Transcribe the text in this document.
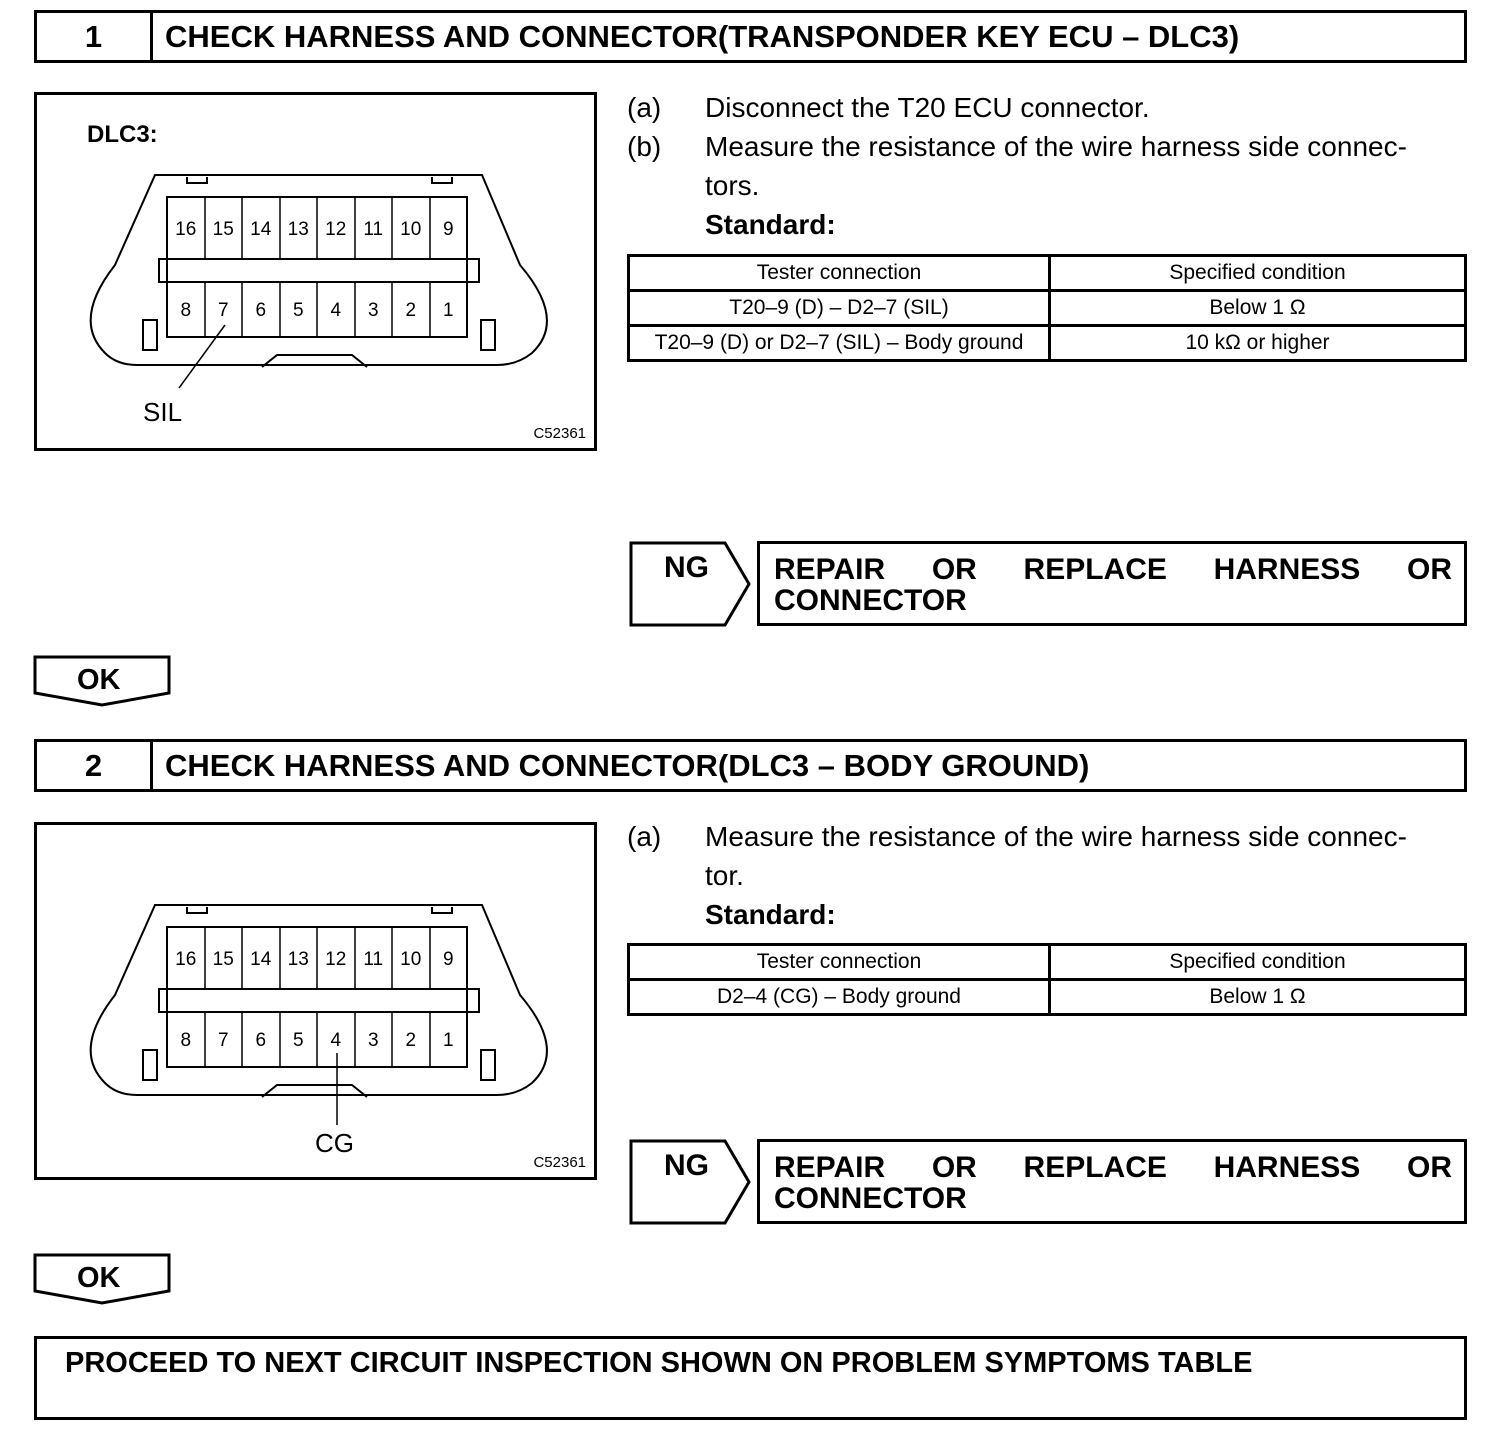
1	CHECK HARNESS AND CONNECTOR(TRANSPONDER KEY ECU – DLC3)
DLC3:
16 15 14 13 12 11 10	9
8	7	6	5	4	3	2	1
SIL
C52361
(a)	Disconnect the T20 ECU connector.
(b)	Measure the resistance of the wire harness side connec-
tors.
Standard:
Tester connection	Specified condition
T20–9 (D) – D2–7 (SIL)	Below 1 Ω
T20–9 (D) or D2–7 (SIL) – Body ground	10 kΩ or higher
NG REPAIR OR REPLACE HARNESS OR
CONNECTOR
OK
2	CHECK HARNESS AND CONNECTOR(DLC3 – BODY GROUND)
16 15 14 13 12 11 10	9
8	7	6	5	4	3	2	1
CG
C52361
(a)	Measure the resistance of the wire harness side connec-
tor.
Standard:
Tester connection	Specified condition
D2–4 (CG) – Body ground	Below 1 Ω
NG REPAIR OR REPLACE HARNESS OR
CONNECTOR
OK
PROCEED TO NEXT CIRCUIT INSPECTION SHOWN ON PROBLEM SYMPTOMS TABLE
